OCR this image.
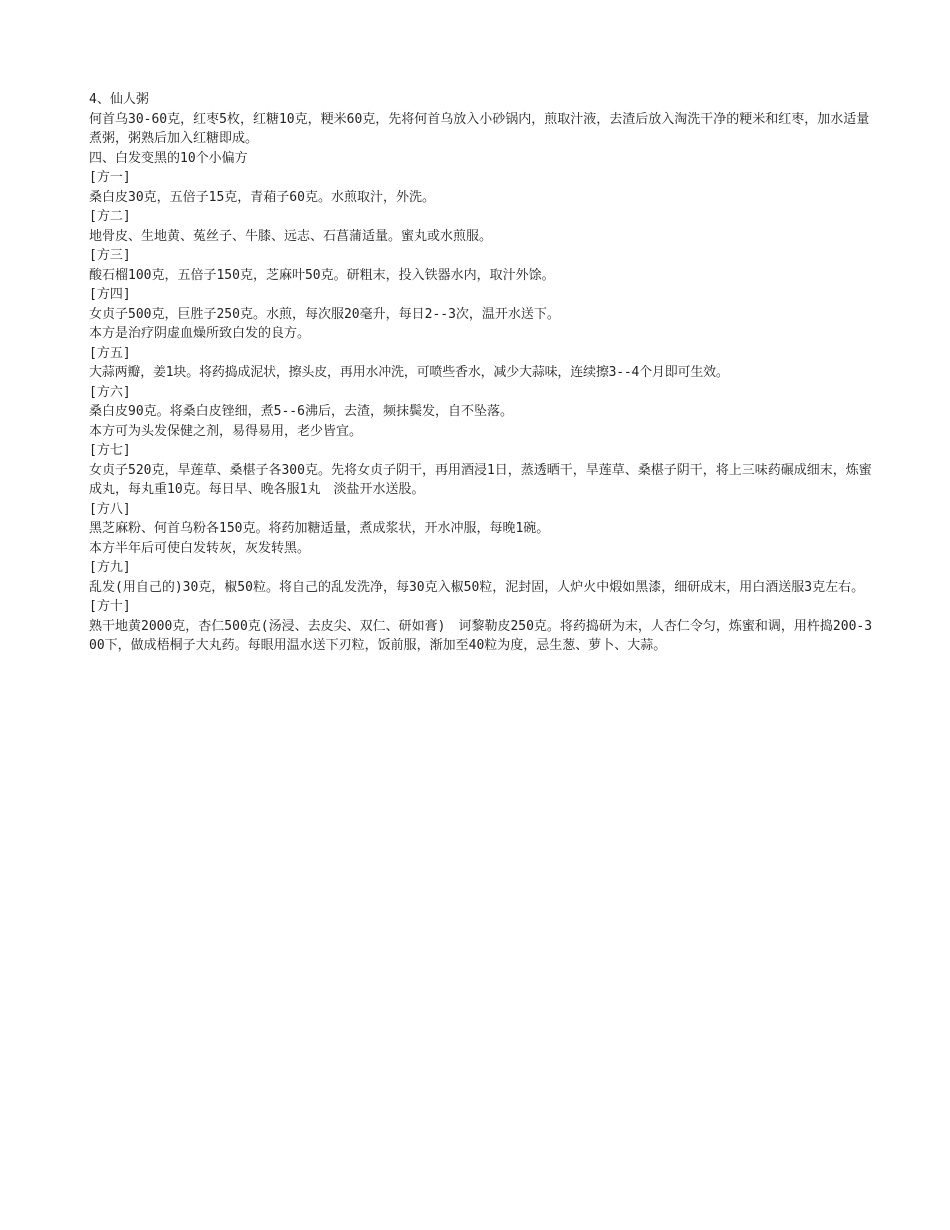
4、仙人粥

何首乌30-60克，红枣5枚，红糖10克，粳米60克，先将何首乌放入小砂锅内，煎取汁液，去渣后放入淘洗干净的粳米和红枣，加水适量煮粥，粥熟后加入红糖即成。

四、白发变黑的10个小偏方

[方一]

桑白皮30克，五倍子15克，青葙子60克。水煎取汁，外洗。

[方二]

地骨皮、生地黄、菟丝子、牛膝、远志、石菖蒲适量。蜜丸或水煎服。

[方三]

酸石榴100克，五倍子150克，芝麻叶50克。研粗末，投入铁器水内，取汁外馀。

[方四]

女贞子500克，巨胜子250克。水煎，每次服20毫升，每日2--3次，温开水送下。

本方是治疗阴虚血燥所致白发的良方。

[方五]

大蒜两瓣，姜1块。将药捣成泥状，擦头皮，再用水冲洗，可喷些香水，减少大蒜味，连续擦3--4个月即可生效。

[方六]

桑白皮90克。将桑白皮锉细，煮5--6沸后，去渣，频抹鬓发，自不坠落。

本方可为头发保健之剂，易得易用，老少皆宜。

[方七]

女贞子520克，旱莲草、桑椹子各300克。先将女贞子阴干，再用酒浸1日，蒸透晒干，旱莲草、桑椹子阴干，将上三味药碾成细末，炼蜜成丸，每丸重10克。每日早、晚各服1丸　淡盐开水送股。

[方八]

黑芝麻粉、何首乌粉各150克。将药加糖适量，煮成浆状，开水冲服，每晚1碗。

本方半年后可使白发转灰，灰发转黑。

[方九]

乱发(用自己的)30克，椒50粒。将自己的乱发洗净，每30克入椒50粒，泥封固，人炉火中煅如黑漆，细研成末，用白酒送服3克左右。

[方十]

熟干地黄2000克，杏仁500克(汤浸、去皮尖、双仁、研如膏)　诃黎勒皮250克。将药捣研为末，人杏仁令匀，炼蜜和调，用杵捣200-300下，做成梧桐子大丸药。每眼用温水送下刃粒，饭前服，渐加至40粒为度，忌生葱、萝卜、大蒜。
